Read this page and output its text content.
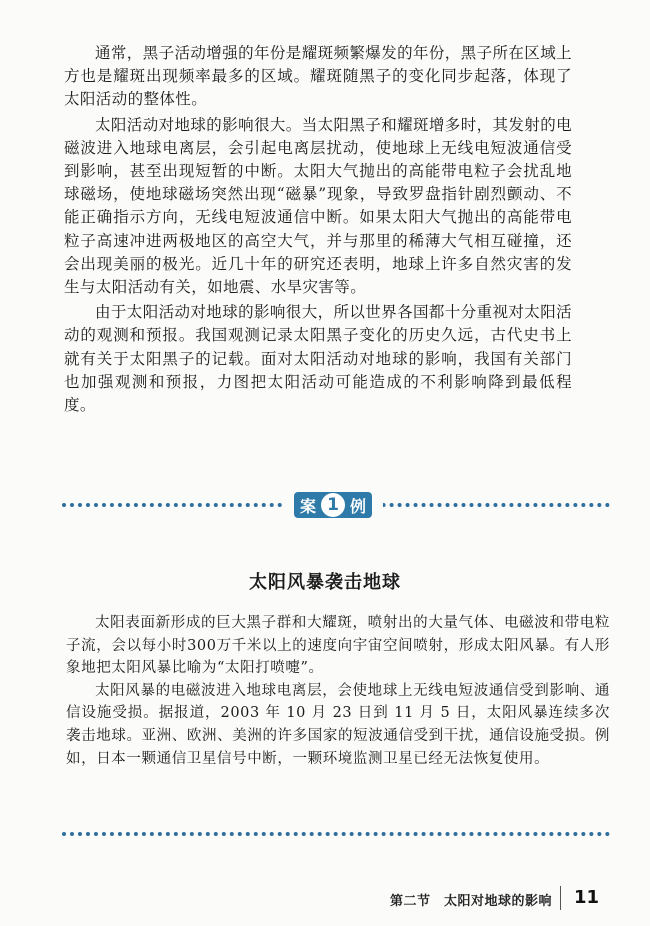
通常，黑子活动增强的年份是耀斑频繁爆发的年份，黑子所在区域上方也是耀斑出现频率最多的区域。耀斑随黑子的变化同步起落，体现了太阳活动的整体性。

太阳活动对地球的影响很大。当太阳黑子和耀斑增多时，其发射的电磁波进入地球电离层，会引起电离层扰动，使地球上无线电短波通信受到影响，甚至出现短暂的中断。太阳大气抛出的高能带电粒子会扰乱地球磁场，使地球磁场突然出现“磁暴”现象，导致罗盘指针剧烈颤动、不能正确指示方向，无线电短波通信中断。如果太阳大气抛出的高能带电粒子高速冲进两极地区的高空大气，并与那里的稀薄大气相互碰撞，还会出现美丽的极光。近几十年的研究还表明，地球上许多自然灾害的发生与太阳活动有关，如地震、水旱灾害等。

由于太阳活动对地球的影响很大，所以世界各国都十分重视对太阳活动的观测和预报。我国观测记录太阳黑子变化的历史久远，古代史书上就有关于太阳黑子的记载。面对太阳活动对地球的影响，我国有关部门也加强观测和预报，力图把太阳活动可能造成的不利影响降到最低程度。

案 1 例
太阳风暴袭击地球

太阳表面新形成的巨大黑子群和大耀斑，喷射出的大量气体、电磁波和带电粒子流，会以每小时300万千米以上的速度向宇宙空间喷射，形成太阳风暴。有人形象地把太阳风暴比喻为“太阳打喷嚏”。

太阳风暴的电磁波进入地球电离层，会使地球上无线电短波通信受到影响、通信设施受损。据报道，2003 年 10 月 23 日到 11 月 5 日，太阳风暴连续多次袭击地球。亚洲、欧洲、美洲的许多国家的短波通信受到干扰，通信设施受损。例如，日本一颗通信卫星信号中断，一颗环境监测卫星已经无法恢复使用。

第二节　太阳对地球的影响 11
